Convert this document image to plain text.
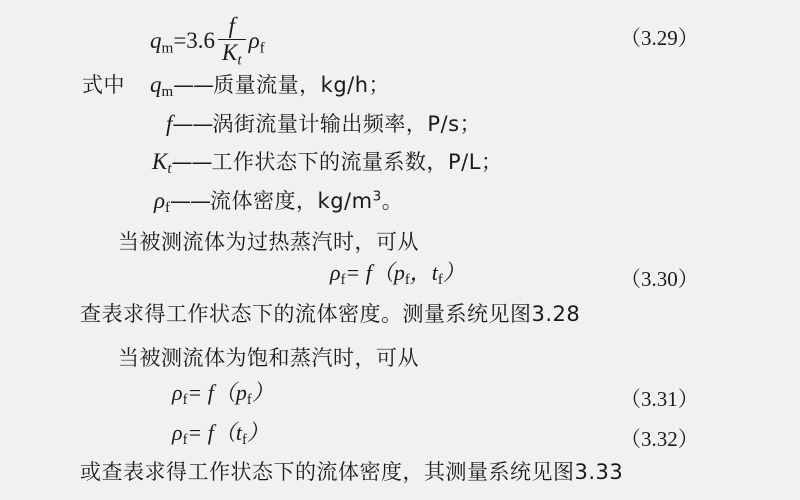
$qm=3.6 \frac{f}{K_t}$ ρf	（3.29）
式中 qm——质量流量，kg/h；
f——涡街流量计输出频率，P/s；
$K_t——$工作状态下的流量系数，P/L；
ρf——流体密度，$kg/m^3$。
当被测流体为过热蒸汽时，可从
ρf= f（pf，tf）	（3.30）
查表求得工作状态下的流体密度。测量系统见图3.28
当被测流体为饱和蒸汽时，可从
ρf= f（pf）	（3.31）
ρf= f（tf）	（3.32）
或查表求得工作状态下的流体密度，其测量系统见图3.33
